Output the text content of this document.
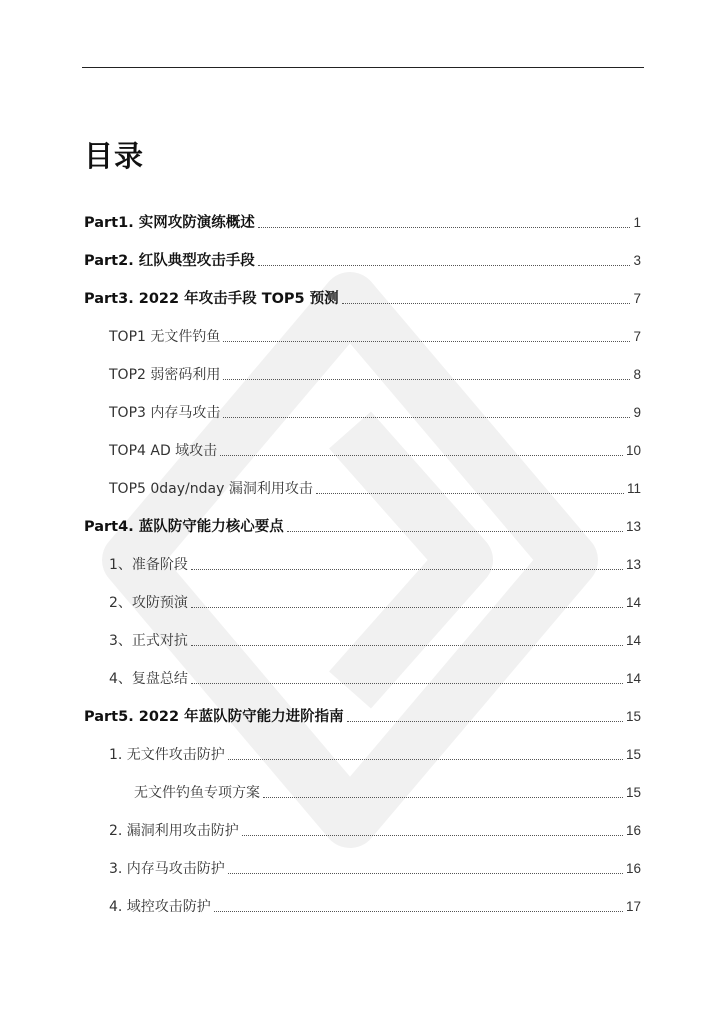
目录
Part1. 实网攻防演练概述	1
Part2. 红队典型攻击手段	3
Part3. 2022 年攻击手段 TOP5 预测	7
TOP1 无文件钓鱼	7
TOP2 弱密码利用	8
TOP3 内存马攻击	9
TOP4 AD 域攻击	10
TOP5 0day/nday 漏洞利用攻击	11
Part4. 蓝队防守能力核心要点	13
1、准备阶段	13
2、攻防预演	14
3、正式对抗	14
4、复盘总结	14
Part5. 2022 年蓝队防守能力进阶指南	15
1. 无文件攻击防护	15
无文件钓鱼专项方案	15
2. 漏洞利用攻击防护	16
3. 内存马攻击防护	16
4. 域控攻击防护	17
